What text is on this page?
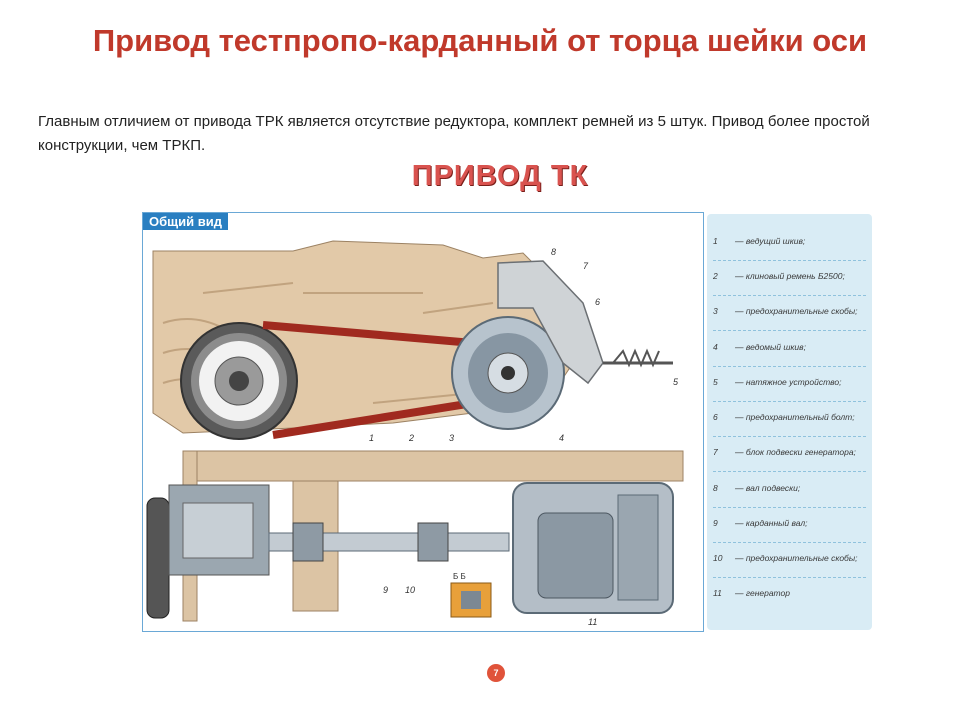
Привод тестпропо-карданный от торца шейки оси
Главным отличием от привода ТРК является отсутствие редуктора, комплект ремней из 5 штук. Привод более простой конструкции, чем ТРКП.
ПРИВОД ТК
Б Б
1	2	3	4
5
6
7
8
9 10
11
Общий вид
1 — ведущий шкив;
2 — клиновый ремень Б2500;
3 — предохранительные скобы;
4 — ведомый шкив;
5 — натяжное устройство;
6 — предохранительный болт;
7 — блок подвески генератора;
8 — вал подвески;
9 — карданный вал;
10 — предохранительные скобы;
11 — генератор
7
